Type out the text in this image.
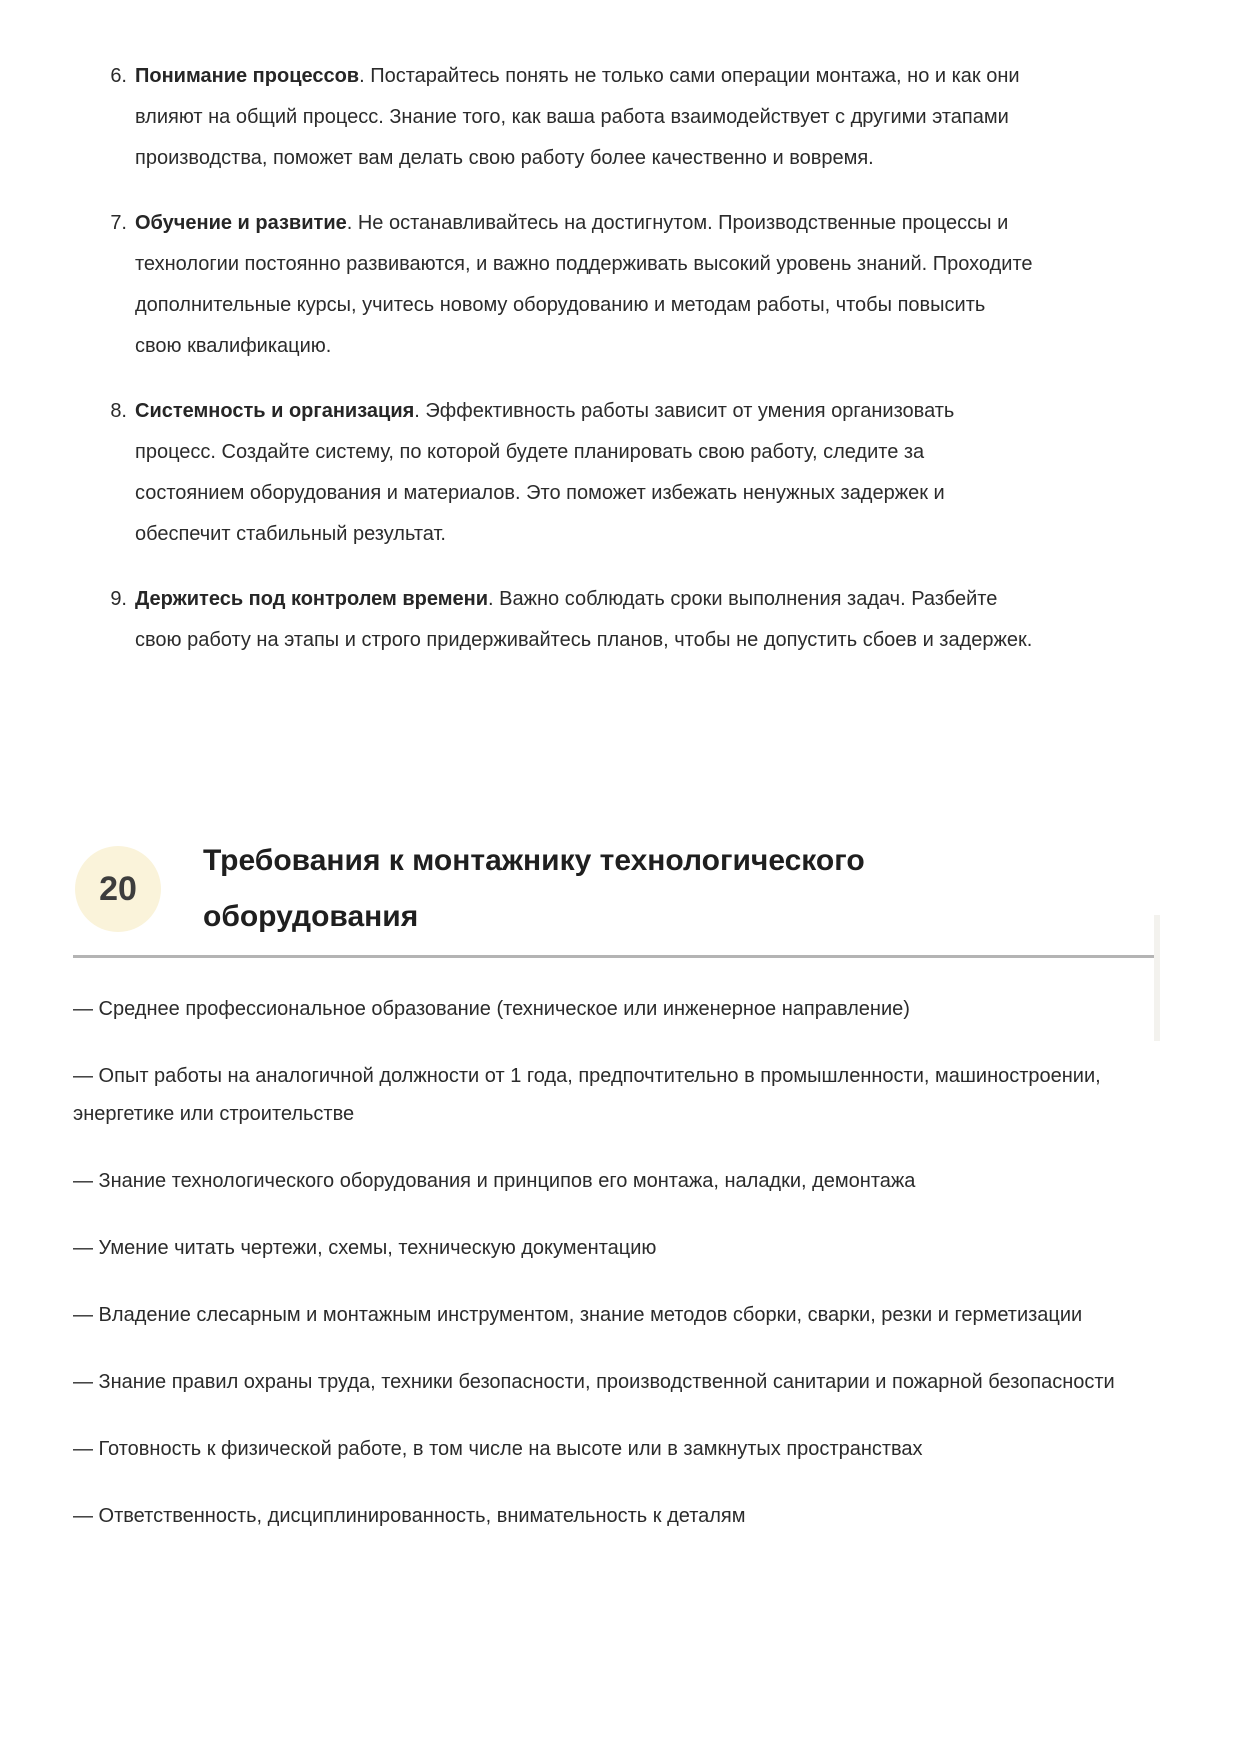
6. Понимание процессов. Постарайтесь понять не только сами операции монтажа, но и как они влияют на общий процесс. Знание того, как ваша работа взаимодействует с другими этапами производства, поможет вам делать свою работу более качественно и вовремя.
7. Обучение и развитие. Не останавливайтесь на достигнутом. Производственные процессы и технологии постоянно развиваются, и важно поддерживать высокий уровень знаний. Проходите дополнительные курсы, учитесь новому оборудованию и методам работы, чтобы повысить свою квалификацию.
8. Системность и организация. Эффективность работы зависит от умения организовать процесс. Создайте систему, по которой будете планировать свою работу, следите за состоянием оборудования и материалов. Это поможет избежать ненужных задержек и обеспечит стабильный результат.
9. Держитесь под контролем времени. Важно соблюдать сроки выполнения задач. Разбейте свою работу на этапы и строго придерживайтесь планов, чтобы не допустить сбоев и задержек.
20
Требования к монтажнику технологического оборудования

— Среднее профессиональное образование (техническое или инженерное направление)

— Опыт работы на аналогичной должности от 1 года, предпочтительно в промышленности, машиностроении, энергетике или строительстве

— Знание технологического оборудования и принципов его монтажа, наладки, демонтажа

— Умение читать чертежи, схемы, техническую документацию

— Владение слесарным и монтажным инструментом, знание методов сборки, сварки, резки и герметизации

— Знание правил охраны труда, техники безопасности, производственной санитарии и пожарной безопасности

— Готовность к физической работе, в том числе на высоте или в замкнутых пространствах

— Ответственность, дисциплинированность, внимательность к деталям
